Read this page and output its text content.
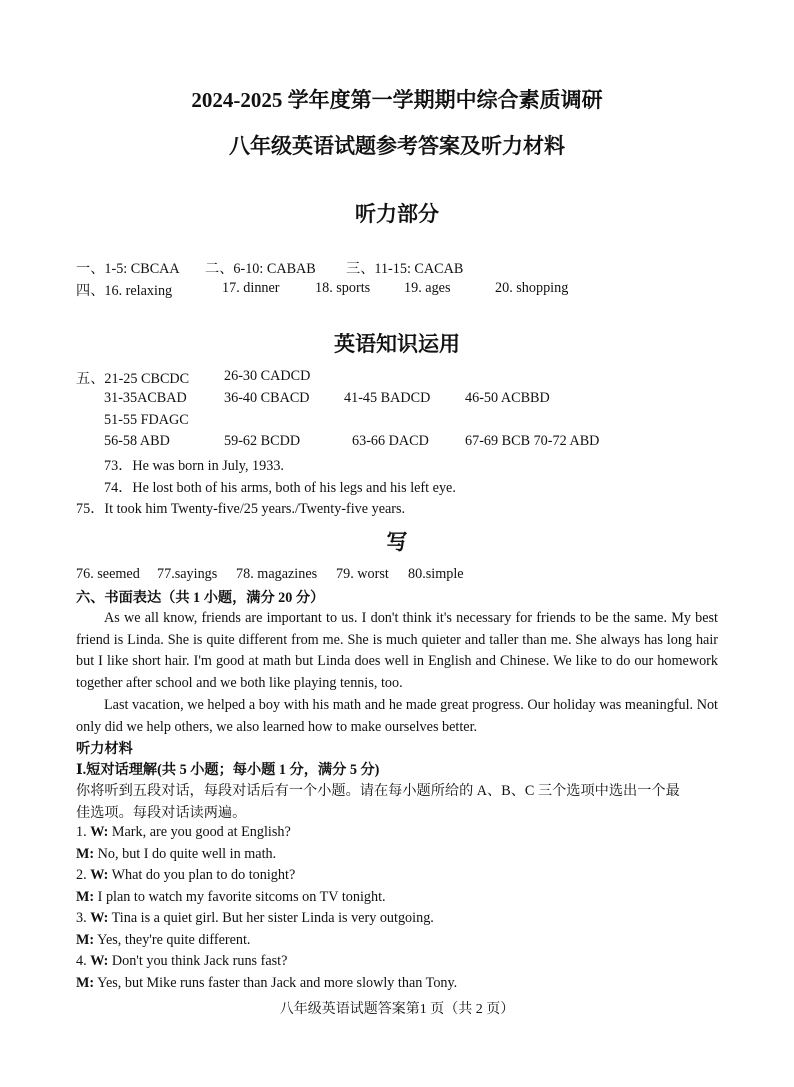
2024-2025 学年度第一学期期中综合素质调研
八年级英语试题参考答案及听力材料
听力部分
一、1-5: CBCAA 二、6-10: CABAB 三、11-15: CACAB
四、16. relaxing	17. dinner 18. sports 19. ages	20. shopping
英语知识运用
五、21-25 CBCDC 26-30 CADCD
31-35ACBAD	36-40 CBACD 41-45 BADCD 46-50 ACBBD
51-55 FDAGC
56-58 ABD	59-62 BCDD	63-66 DACD	67-69 BCB 70-72 ABD
73．He was born in July, 1933.
74．He lost both of his arms, both of his legs and his left eye.
75．It took him Twenty-five/25 years./Twenty-five years.
写
76. seemed 77.sayings 78. magazines 79. worst 80.simple
六、书面表达（共 1 小题，满分 20 分）
As we all know, friends are important to us. I don't think it's necessary for friends to be the same. My best friend is Linda. She is quite different from me. She is much quieter and taller than me. She always has long hair but I like short hair. I'm good at math but Linda does well in English and Chinese. We like to do our homework together after school and we both like playing tennis, too.
Last vacation, we helped a boy with his math and he made great progress. Our holiday was meaningful. Not only did we help others, we also learned how to make ourselves better.
听力材料
Ⅰ.短对话理解(共 5 小题；每小题 1 分，满分 5 分)
你将听到五段对话，每段对话后有一个小题。请在每小题所给的 A、B、C 三个选项中选出一个最
佳选项。每段对话读两遍。
1. W: Mark, are you good at English?
M: No, but I do quite well in math.
2. W: What do you plan to do tonight?
M: I plan to watch my favorite sitcoms on TV tonight.
3. W: Tina is a quiet girl. But her sister Linda is very outgoing.
M: Yes, they're quite different.
4. W: Don't you think Jack runs fast?
M: Yes, but Mike runs faster than Jack and more slowly than Tony.
八年级英语试题答案第1 页（共 2 页）
